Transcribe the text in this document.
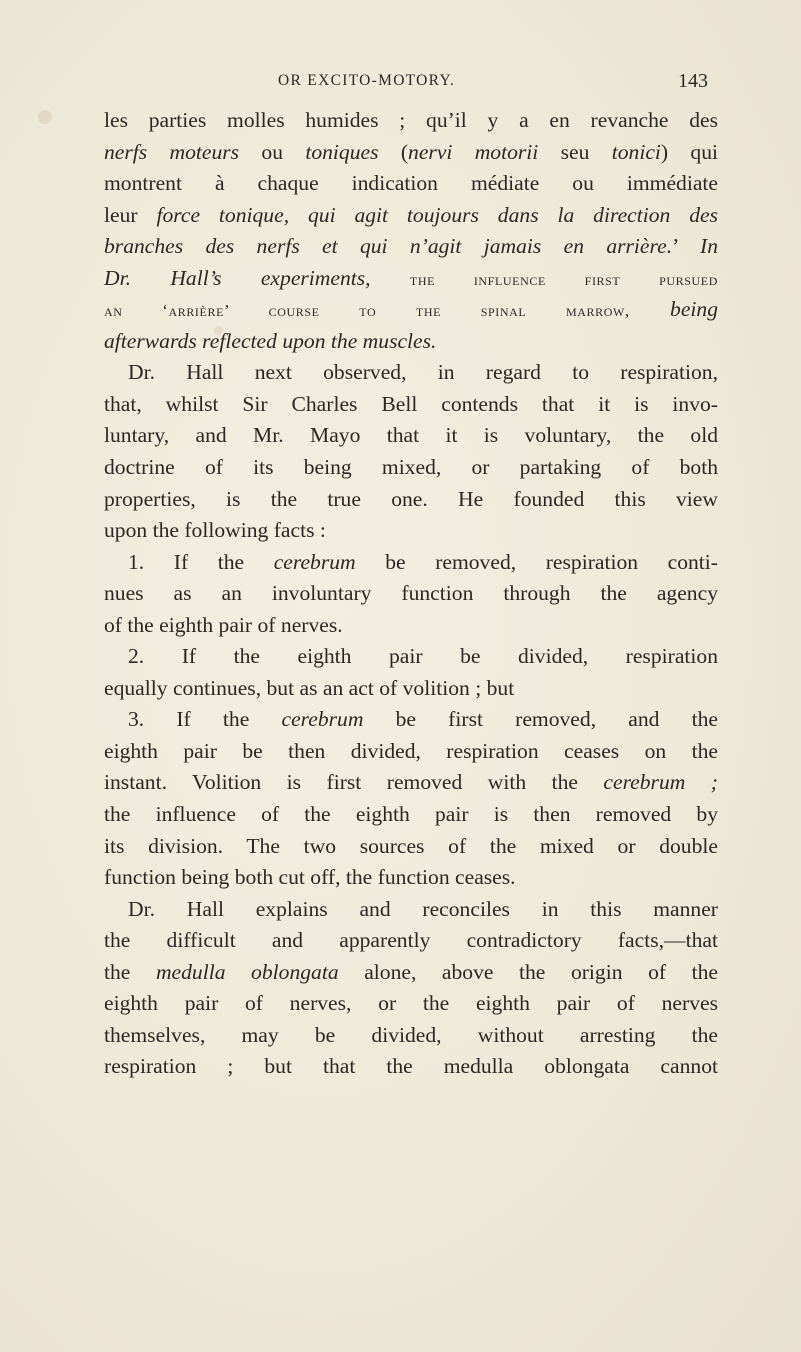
OR EXCITO-MOTORY.	143
les parties molles humides ; qu’il y a en revanche des
nerfs moteurs ou toniques (nervi motorii seu tonici) qui
montrent à chaque indication médiate ou immédiate
leur force tonique, qui agit toujours dans la direction des
branches des nerfs et qui n’agit jamais en arrière.’ In
Dr. Hall’s experiments, the influence first pursued
an ‘arrière’ course to the spinal marrow, being
afterwards reflected upon the muscles.
Dr. Hall next observed, in regard to respiration,
that, whilst Sir Charles Bell contends that it is invo-
luntary, and Mr. Mayo that it is voluntary, the old
doctrine of its being mixed, or partaking of both
properties, is the true one. He founded this view
upon the following facts :
1. If the cerebrum be removed, respiration conti-
nues as an involuntary function through the agency
of the eighth pair of nerves.
2. If the eighth pair be divided, respiration
equally continues, but as an act of volition ; but
3. If the cerebrum be first removed, and the
eighth pair be then divided, respiration ceases on the
instant. Volition is first removed with the cerebrum ;
the influence of the eighth pair is then removed by
its division. The two sources of the mixed or double
function being both cut off, the function ceases.
Dr. Hall explains and reconciles in this manner
the difficult and apparently contradictory facts,—that
the medulla oblongata alone, above the origin of the
eighth pair of nerves, or the eighth pair of nerves
themselves, may be divided, without arresting the
respiration ; but that the medulla oblongata cannot
